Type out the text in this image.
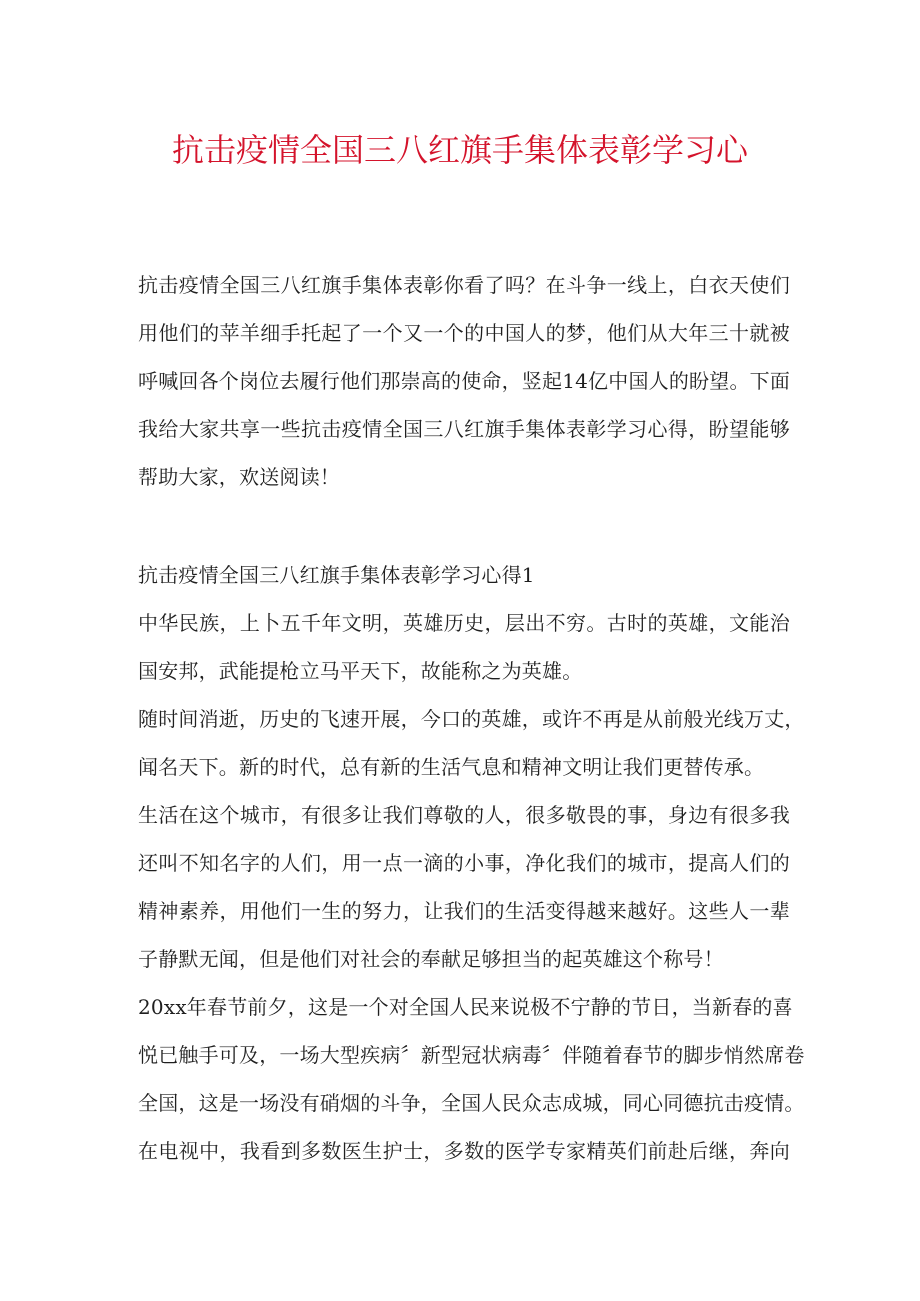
抗击疫情全国三八红旗手集体表彰学习心
抗击疫情全国三八红旗手集体表彰你看了吗？在斗争一线上，白衣天使们
用他们的苹羊细手托起了一个又一个的中国人的梦，他们从大年三十就被
呼喊回各个岗位去履行他们那崇高的使命，竖起14亿中国人的盼望。下面
我给大家共享一些抗击疫情全国三八红旗手集体表彰学习心得，盼望能够
帮助大家，欢送阅读！
抗击疫情全国三八红旗手集体表彰学习心得1
中华民族，上卜五千年文明，英雄历史，层出不穷。古时的英雄，文能治
国安邦，武能提枪立马平天下，故能称之为英雄。
随时间消逝，历史的飞速开展，今口的英雄，或许不再是从前般光线万丈，
闻名天下。新的时代，总有新的生活气息和精神文明让我们更替传承。
生活在这个城市，有很多让我们尊敬的人，很多敬畏的事，身边有很多我
还叫不知名字的人们，用一点一滴的小事，净化我们的城市，提高人们的
精神素养，用他们一生的努力，让我们的生活变得越来越好。这些人一辈
子静默无闻，但是他们对社会的奉献足够担当的起英雄这个称号！
20xx年春节前夕，这是一个对全国人民来说极不宁静的节日，当新春的喜
悦已触手可及，一场大型疾病〞新型冠状病毒〞伴随着春节的脚步悄然席卷
全国，这是一场没有硝烟的斗争，全国人民众志成城，同心同德抗击疫情。
在电视中，我看到多数医生护士，多数的医学专家精英们前赴后继，奔向
